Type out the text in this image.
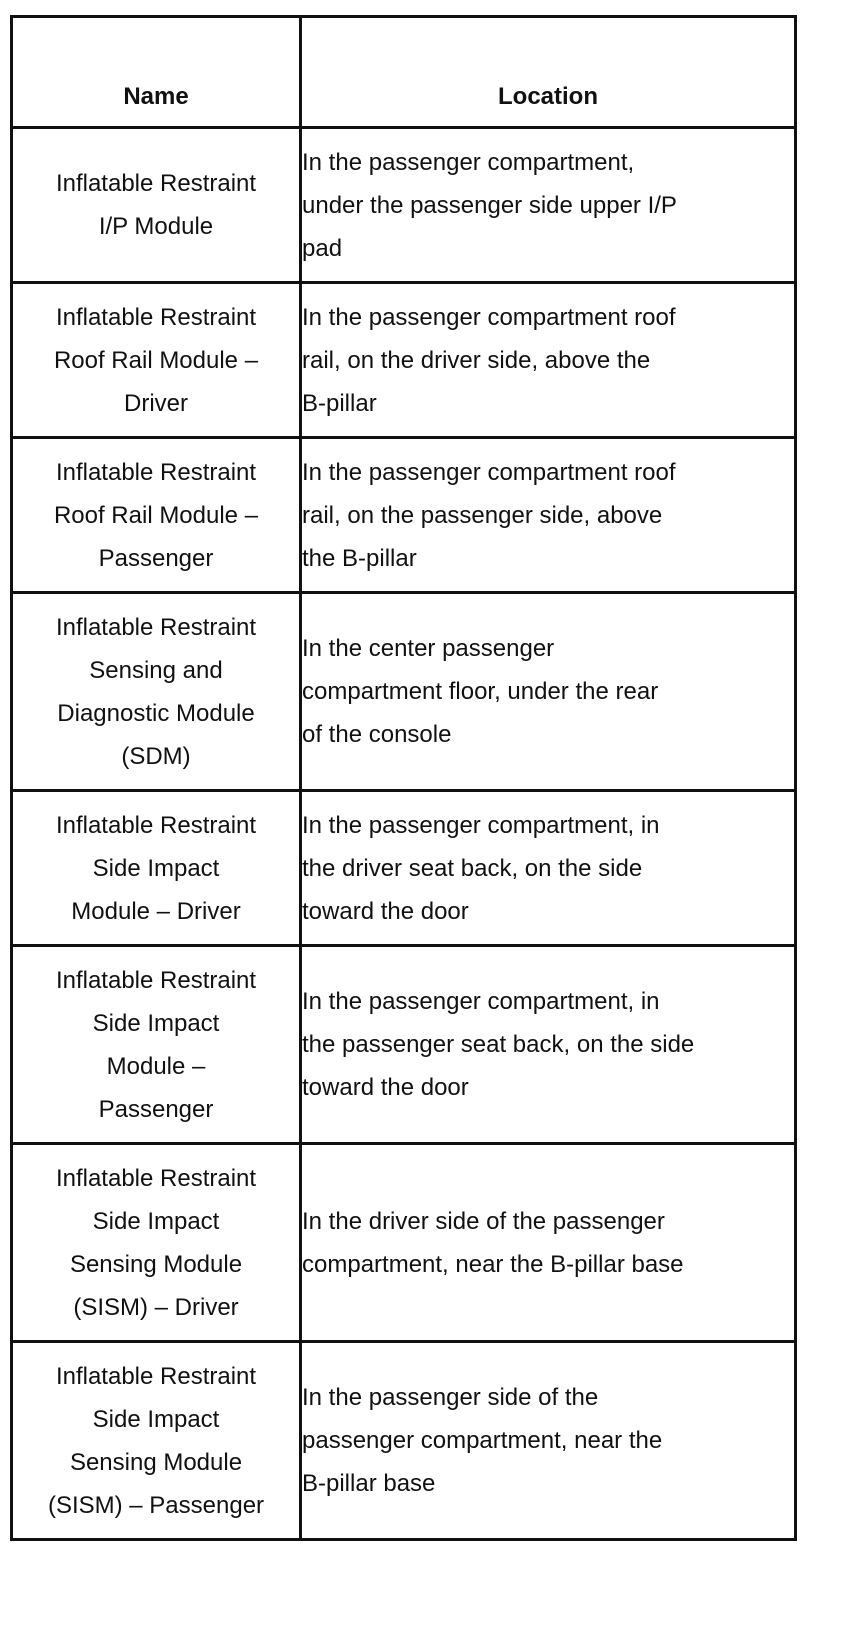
Name	Location

Inflatable Restraint
I/P Module	In the passenger compartment,
under the passenger side upper I/P
pad

Inflatable Restraint
Roof Rail Module –
Driver	In the passenger compartment roof
rail, on the driver side, above the
B-pillar

Inflatable Restraint
Roof Rail Module –
Passenger	In the passenger compartment roof
rail, on the passenger side, above
the B-pillar

Inflatable Restraint
Sensing and
Diagnostic Module
(SDM)	In the center passenger
compartment floor, under the rear
of the console

Inflatable Restraint
Side Impact
Module – Driver	In the passenger compartment, in
the driver seat back, on the side
toward the door

Inflatable Restraint
Side Impact
Module –
Passenger	In the passenger compartment, in
the passenger seat back, on the side
toward the door

Inflatable Restraint
Side Impact
Sensing Module
(SISM) – Driver	In the driver side of the passenger
compartment, near the B-pillar base

Inflatable Restraint
Side Impact
Sensing Module
(SISM) – Passenger	In the passenger side of the
passenger compartment, near the
B-pillar base
